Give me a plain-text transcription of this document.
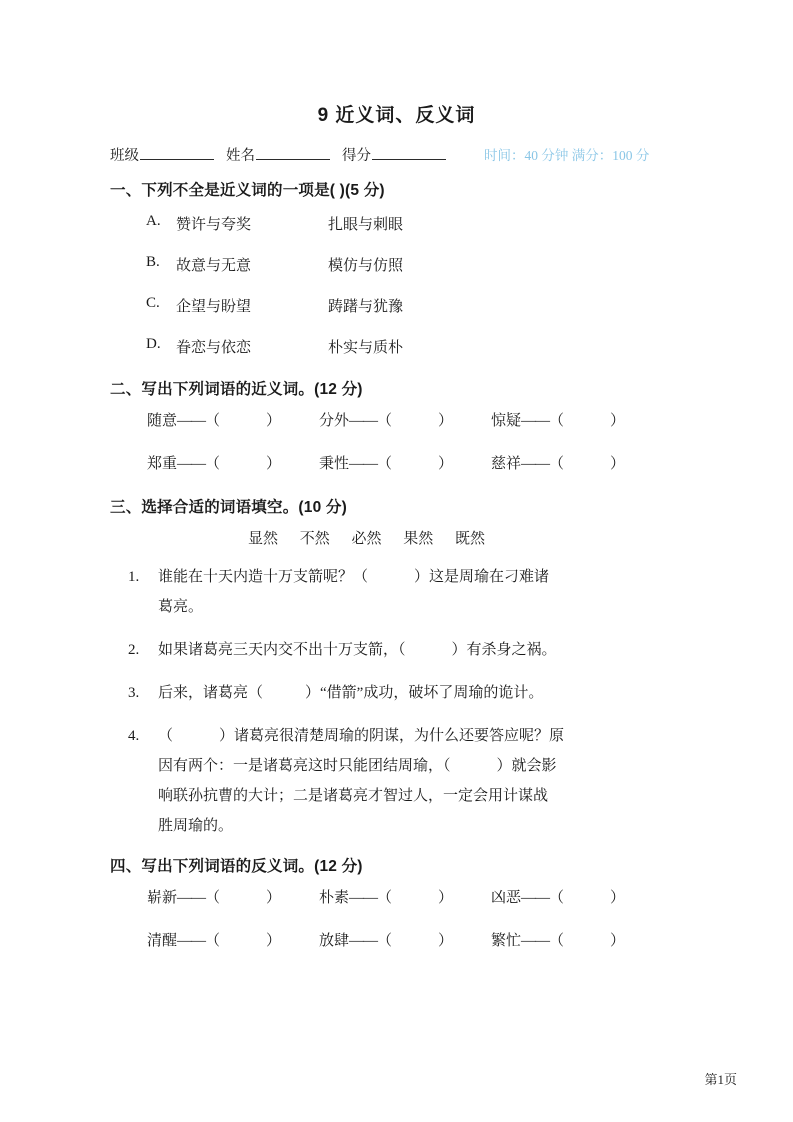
9 近义词、反义词
班级	姓名	得分	时间：40 分钟 满分：100 分
一、下列不全是近义词的一项是( )(5 分)
A.	赞许与夸奖	扎眼与刺眼
B.	故意与无意	模仿与仿照
C.	企望与盼望	踌躇与犹豫
D.	眷恋与依恋	朴实与质朴
二、写出下列词语的近义词。(12 分)
随意——（	）	分外——（	）	惊疑——（	）
郑重——（	）	秉性——（	）	慈祥——（	）
三、选择合适的词语填空。(10 分)
显然 不然 必然 果然 既然
1.	谁能在十天内造十万支箭呢？（	）这是周瑜在刁难诸
葛亮。
2.	如果诸葛亮三天内交不出十万支箭，（	）有杀身之祸。
3.	后来，诸葛亮（	）“借箭”成功，破坏了周瑜的诡计。
4.	（	）诸葛亮很清楚周瑜的阴谋，为什么还要答应呢？原
因有两个：一是诸葛亮这时只能团结周瑜，（	）就会影
响联孙抗曹的大计；二是诸葛亮才智过人，一定会用计谋战
胜周瑜的。
四、写出下列词语的反义词。(12 分)
崭新——（	）	朴素——（	）	凶恶——（	）
清醒——（	）	放肆——（	）	繁忙——（	）
第1页
